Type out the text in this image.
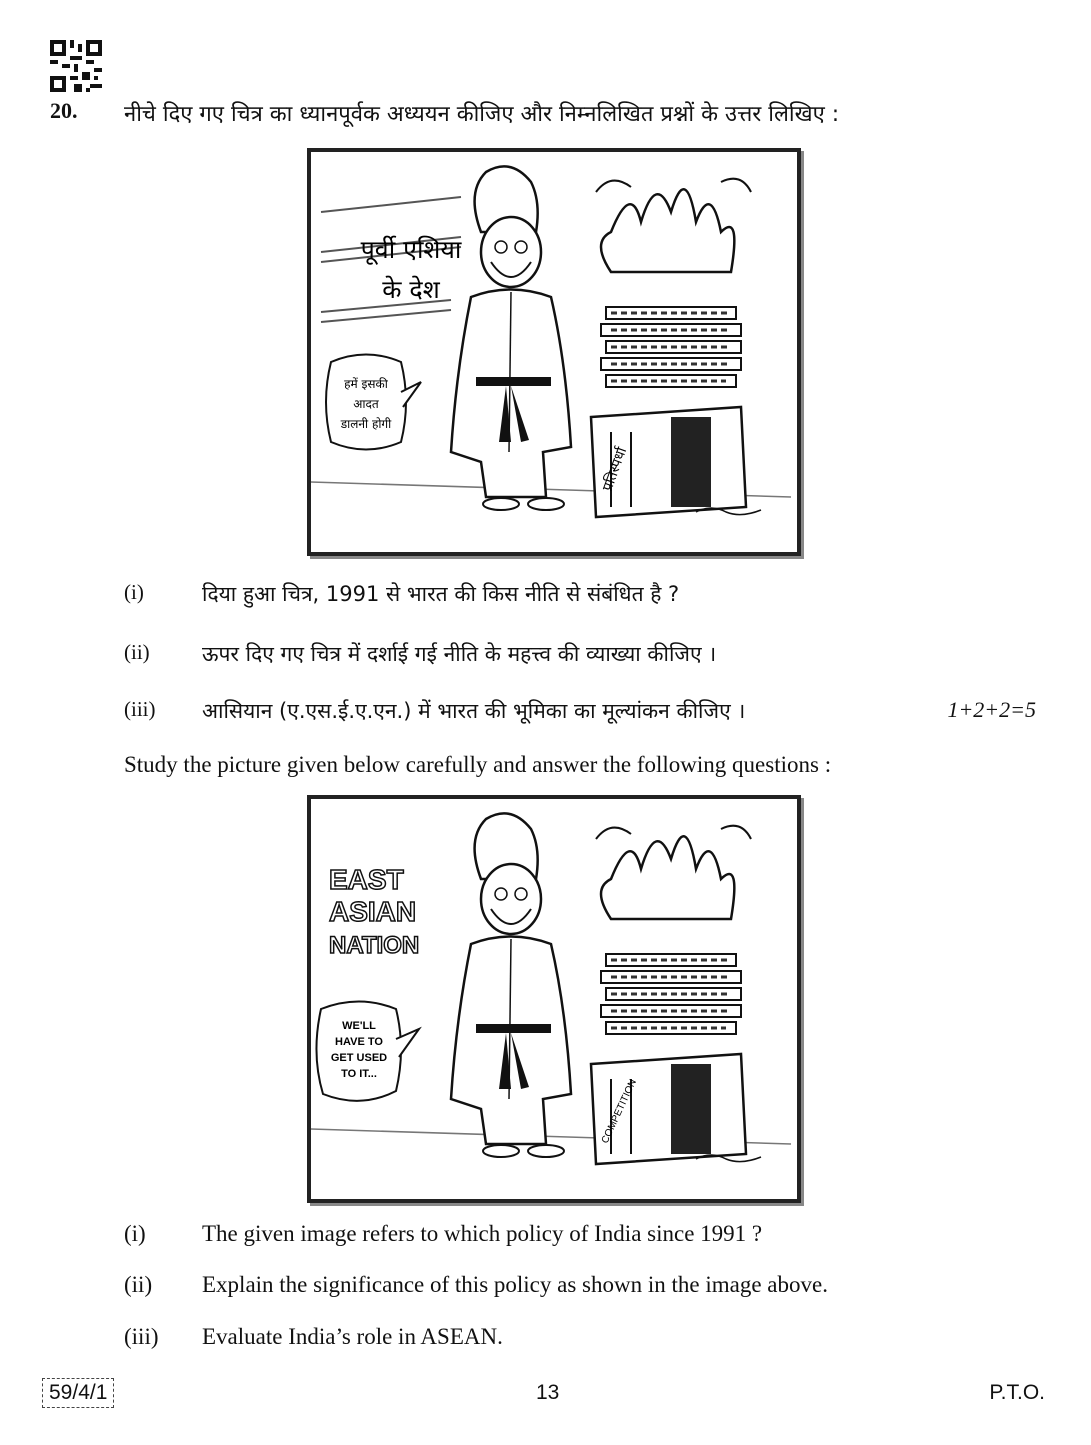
20. नीचे दिए गए चित्र का ध्यानपूर्वक अध्ययन कीजिए और निम्नलिखित प्रश्नों के उत्तर लिखिए :
पूर्वी एशिया
के देश
हमें इसकी
आदत
डालनी होगी
प्रतिस्पर्धा
(i)	दिया हुआ चित्र, 1991 से भारत की किस नीति से संबंधित है ?
(ii) ऊपर दिए गए चित्र में दर्शाई गई नीति के महत्त्व की व्याख्या कीजिए ।
(iii) आसियान (ए.एस.ई.ए.एन.) में भारत की भूमिका का मूल्यांकन कीजिए ।	1+2+2=5
Study the picture given below carefully and answer the following questions :
EAST
ASIAN
NATION
WE'LL
HAVE TO
GET USED
TO IT...
COMPETITION
(i) The given image refers to which policy of India since 1991 ?
(ii) Explain the significance of this policy as shown in the image above.
(iii) Evaluate India’s role in ASEAN.
59/4/1	13	P.T.O.
